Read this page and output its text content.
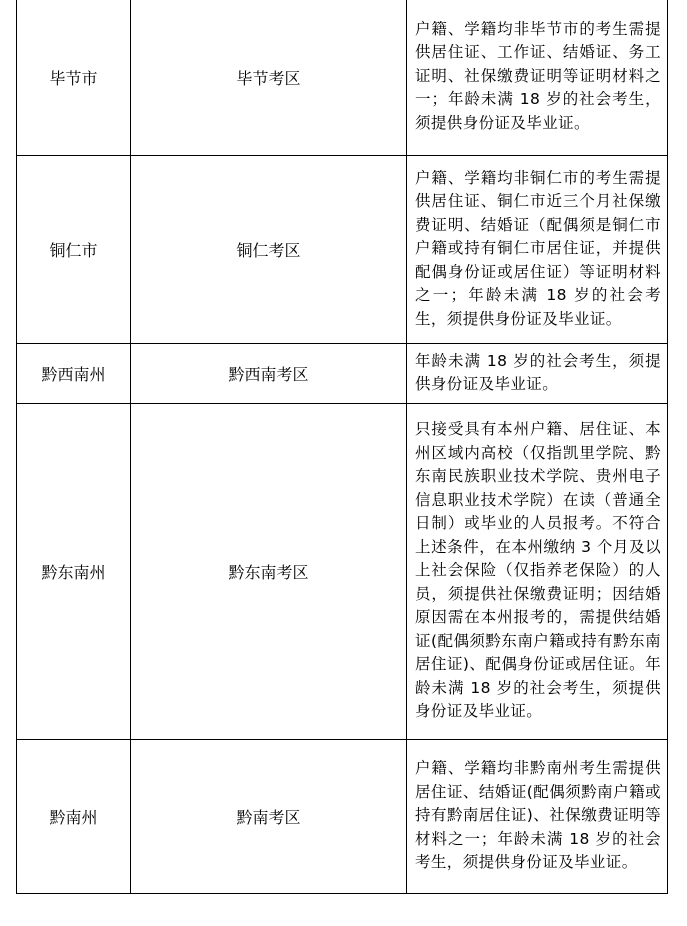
毕节市	毕节考区	户籍、学籍均非毕节市的考生需提供居住证、工作证、结婚证、务工证明、社保缴费证明等证明材料之一；年龄未满 18 岁的社会考生，须提供身份证及毕业证。
铜仁市	铜仁考区	户籍、学籍均非铜仁市的考生需提供居住证、铜仁市近三个月社保缴费证明、结婚证（配偶须是铜仁市户籍或持有铜仁市居住证，并提供配偶身份证或居住证）等证明材料之一；年龄未满 18 岁的社会考生，须提供身份证及毕业证。
黔西南州	黔西南考区	年龄未满 18 岁的社会考生，须提供身份证及毕业证。
黔东南州	黔东南考区	只接受具有本州户籍、居住证、本州区域内高校（仅指凯里学院、黔东南民族职业技术学院、贵州电子信息职业技术学院）在读（普通全日制）或毕业的人员报考。不符合上述条件，在本州缴纳 3 个月及以上社会保险（仅指养老保险）的人员，须提供社保缴费证明；因结婚原因需在本州报考的，需提供结婚证(配偶须黔东南户籍或持有黔东南居住证)、配偶身份证或居住证。年龄未满 18 岁的社会考生，须提供身份证及毕业证。
黔南州	黔南考区	户籍、学籍均非黔南州考生需提供居住证、结婚证(配偶须黔南户籍或持有黔南居住证)、社保缴费证明等材料之一；年龄未满 18 岁的社会考生，须提供身份证及毕业证。
